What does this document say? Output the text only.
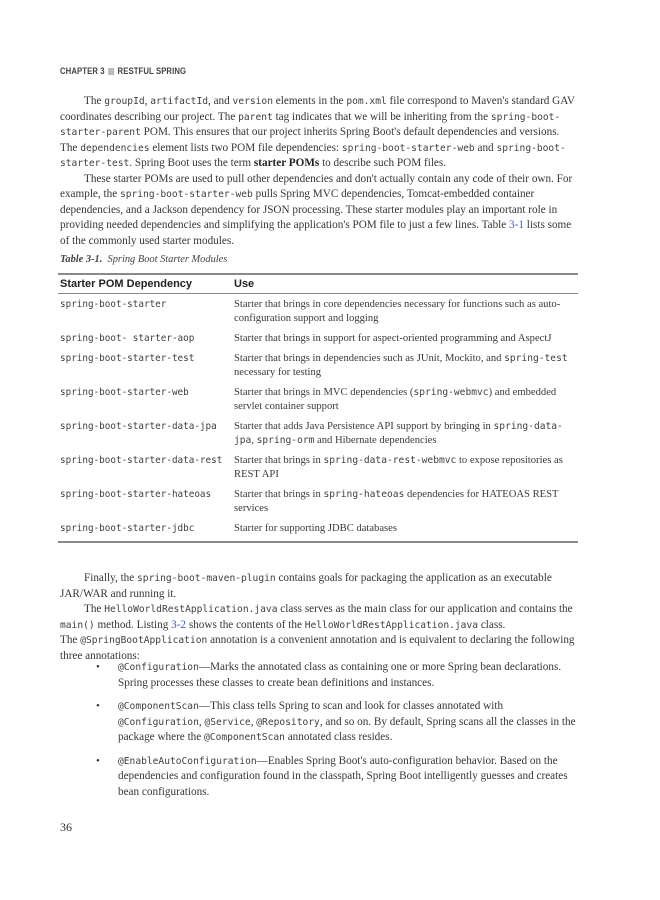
CHAPTER 3 RESTFUL SPRING

The groupId, artifactId, and version elements in the pom.xml file correspond to Maven's standard GAV coordinates describing our project. The parent tag indicates that we will be inheriting from the spring-boot-starter-parent POM. This ensures that our project inherits Spring Boot's default dependencies and versions. The dependencies element lists two POM file dependencies: spring-boot-starter-web and spring-boot-starter-test. Spring Boot uses the term starter POMs to describe such POM files.

These starter POMs are used to pull other dependencies and don't actually contain any code of their own. For example, the spring-boot-starter-web pulls Spring MVC dependencies, Tomcat-embedded container dependencies, and a Jackson dependency for JSON processing. These starter modules play an important role in providing needed dependencies and simplifying the application's POM file to just a few lines. Table 3-1 lists some of the commonly used starter modules.

Table 3-1. Spring Boot Starter Modules
Starter POM Dependency	Use
spring-boot-starter	Starter that brings in core dependencies necessary for functions such as auto-configuration support and logging
spring-boot- starter-aop	Starter that brings in support for aspect-oriented programming and AspectJ
spring-boot-starter-test	Starter that brings in dependencies such as JUnit, Mockito, and spring-test necessary for testing
spring-boot-starter-web	Starter that brings in MVC dependencies (spring-webmvc) and embedded servlet container support
spring-boot-starter-data-jpa	Starter that adds Java Persistence API support by bringing in spring-data-jpa, spring-orm and Hibernate dependencies
spring-boot-starter-data-rest	Starter that brings in spring-data-rest-webmvc to expose repositories as REST API
spring-boot-starter-hateoas	Starter that brings in spring-hateoas dependencies for HATEOAS REST services
spring-boot-starter-jdbc	Starter for supporting JDBC databases

Finally, the spring-boot-maven-plugin contains goals for packaging the application as an executable JAR/WAR and running it.

The HelloWorldRestApplication.java class serves as the main class for our application and contains the main() method. Listing 3-2 shows the contents of the HelloWorldRestApplication.java class.

The @SpringBootApplication annotation is a convenient annotation and is equivalent to declaring the following three annotations:

• @Configuration—Marks the annotated class as containing one or more Spring bean declarations. Spring processes these classes to create bean definitions and instances.
• @ComponentScan—This class tells Spring to scan and look for classes annotated with @Configuration, @Service, @Repository, and so on. By default, Spring scans all the classes in the package where the @ComponentScan annotated class resides.
• @EnableAutoConfiguration—Enables Spring Boot's auto-configuration behavior. Based on the dependencies and configuration found in the classpath, Spring Boot intelligently guesses and creates bean configurations.
36
